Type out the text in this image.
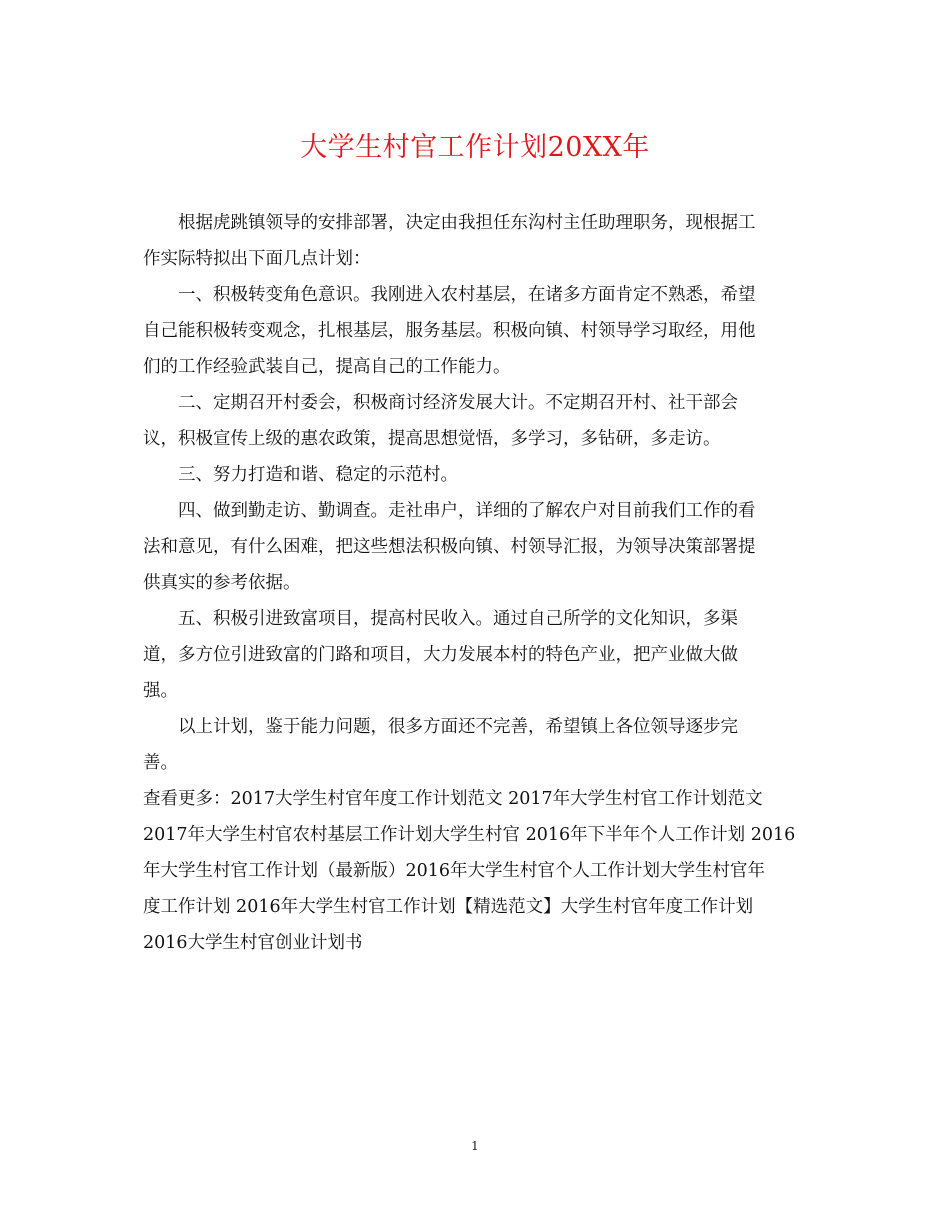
大学生村官工作计划20XX年
根据虎跳镇领导的安排部署，决定由我担任东沟村主任助理职务，现根据工
作实际特拟出下面几点计划：
一、积极转变角色意识。我刚进入农村基层，在诸多方面肯定不熟悉，希望
自己能积极转变观念，扎根基层，服务基层。积极向镇、村领导学习取经，用他
们的工作经验武装自己，提高自己的工作能力。
二、定期召开村委会，积极商讨经济发展大计。不定期召开村、社干部会
议，积极宣传上级的惠农政策，提高思想觉悟，多学习，多钻研，多走访。
三、努力打造和谐、稳定的示范村。
四、做到勤走访、勤调查。走社串户，详细的了解农户对目前我们工作的看
法和意见，有什么困难，把这些想法积极向镇、村领导汇报，为领导决策部署提
供真实的参考依据。
五、积极引进致富项目，提高村民收入。通过自己所学的文化知识，多渠
道，多方位引进致富的门路和项目，大力发展本村的特色产业，把产业做大做
强。
以上计划，鉴于能力问题，很多方面还不完善，希望镇上各位领导逐步完
善。
查看更多：2017大学生村官年度工作计划范文 2017年大学生村官工作计划范文
2017年大学生村官农村基层工作计划大学生村官 2016年下半年个人工作计划 2016
年大学生村官工作计划（最新版）2016年大学生村官个人工作计划大学生村官年
度工作计划 2016年大学生村官工作计划【精选范文】大学生村官年度工作计划
2016大学生村官创业计划书
1
